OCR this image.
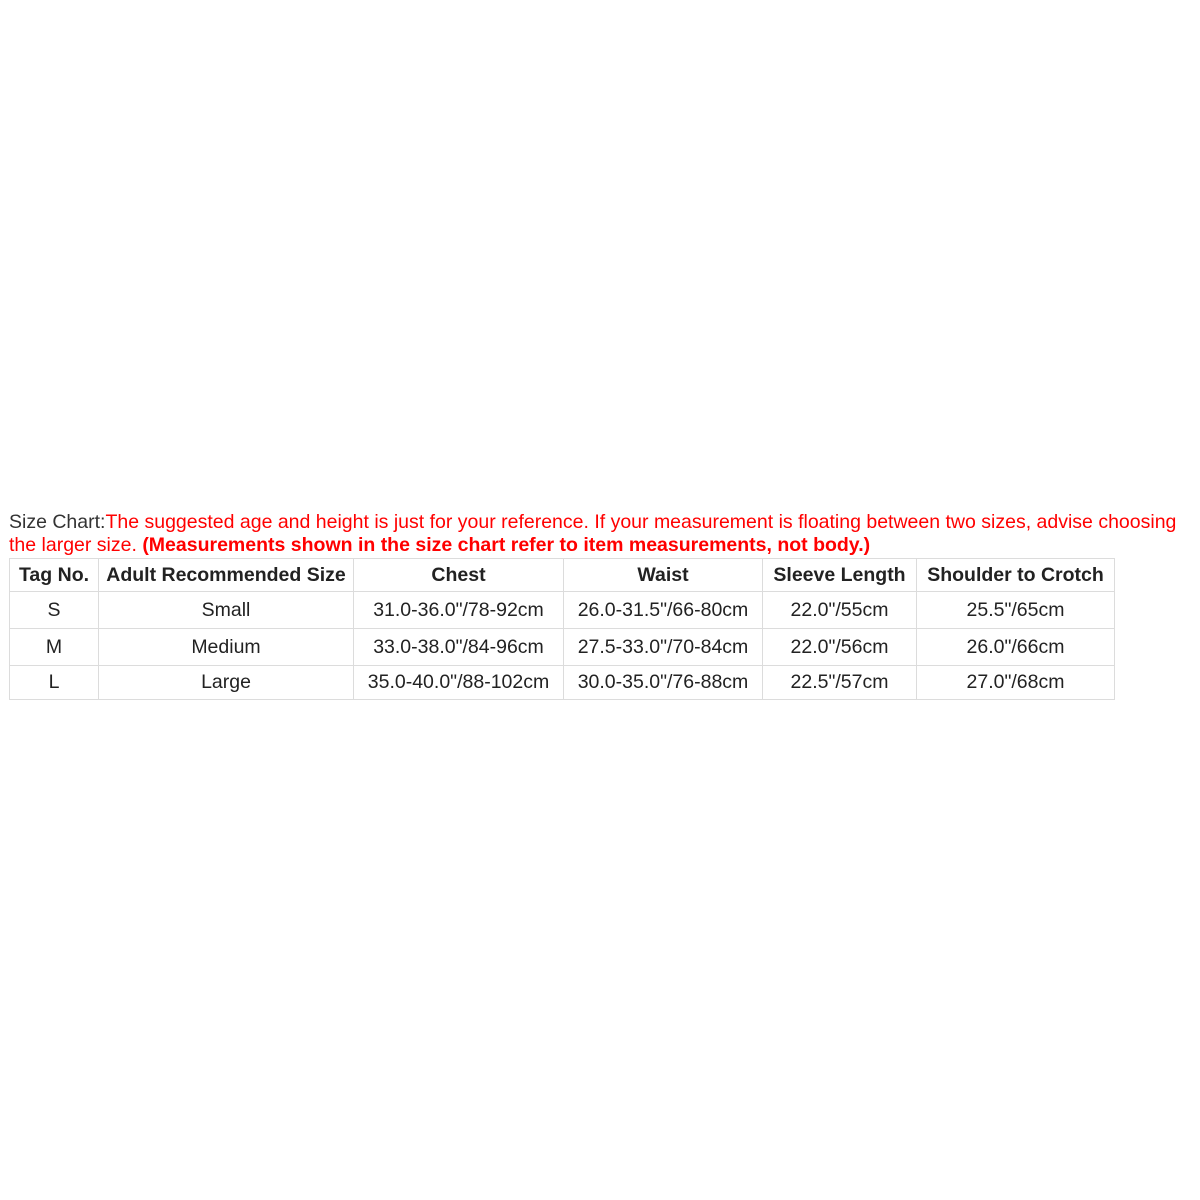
Size Chart:The suggested age and height is just for your reference. If your measurement is floating between two sizes, advise choosing the larger size. (Measurements shown in the size chart refer to item measurements, not body.)

Tag No.	Adult Recommended Size	Chest	Waist	Sleeve Length	Shoulder to Crotch
S	Small	31.0-36.0"/78-92cm	26.0-31.5"/66-80cm	22.0"/55cm	25.5"/65cm
M	Medium	33.0-38.0"/84-96cm	27.5-33.0"/70-84cm	22.0"/56cm	26.0"/66cm
L	Large	35.0-40.0"/88-102cm	30.0-35.0"/76-88cm	22.5"/57cm	27.0"/68cm
